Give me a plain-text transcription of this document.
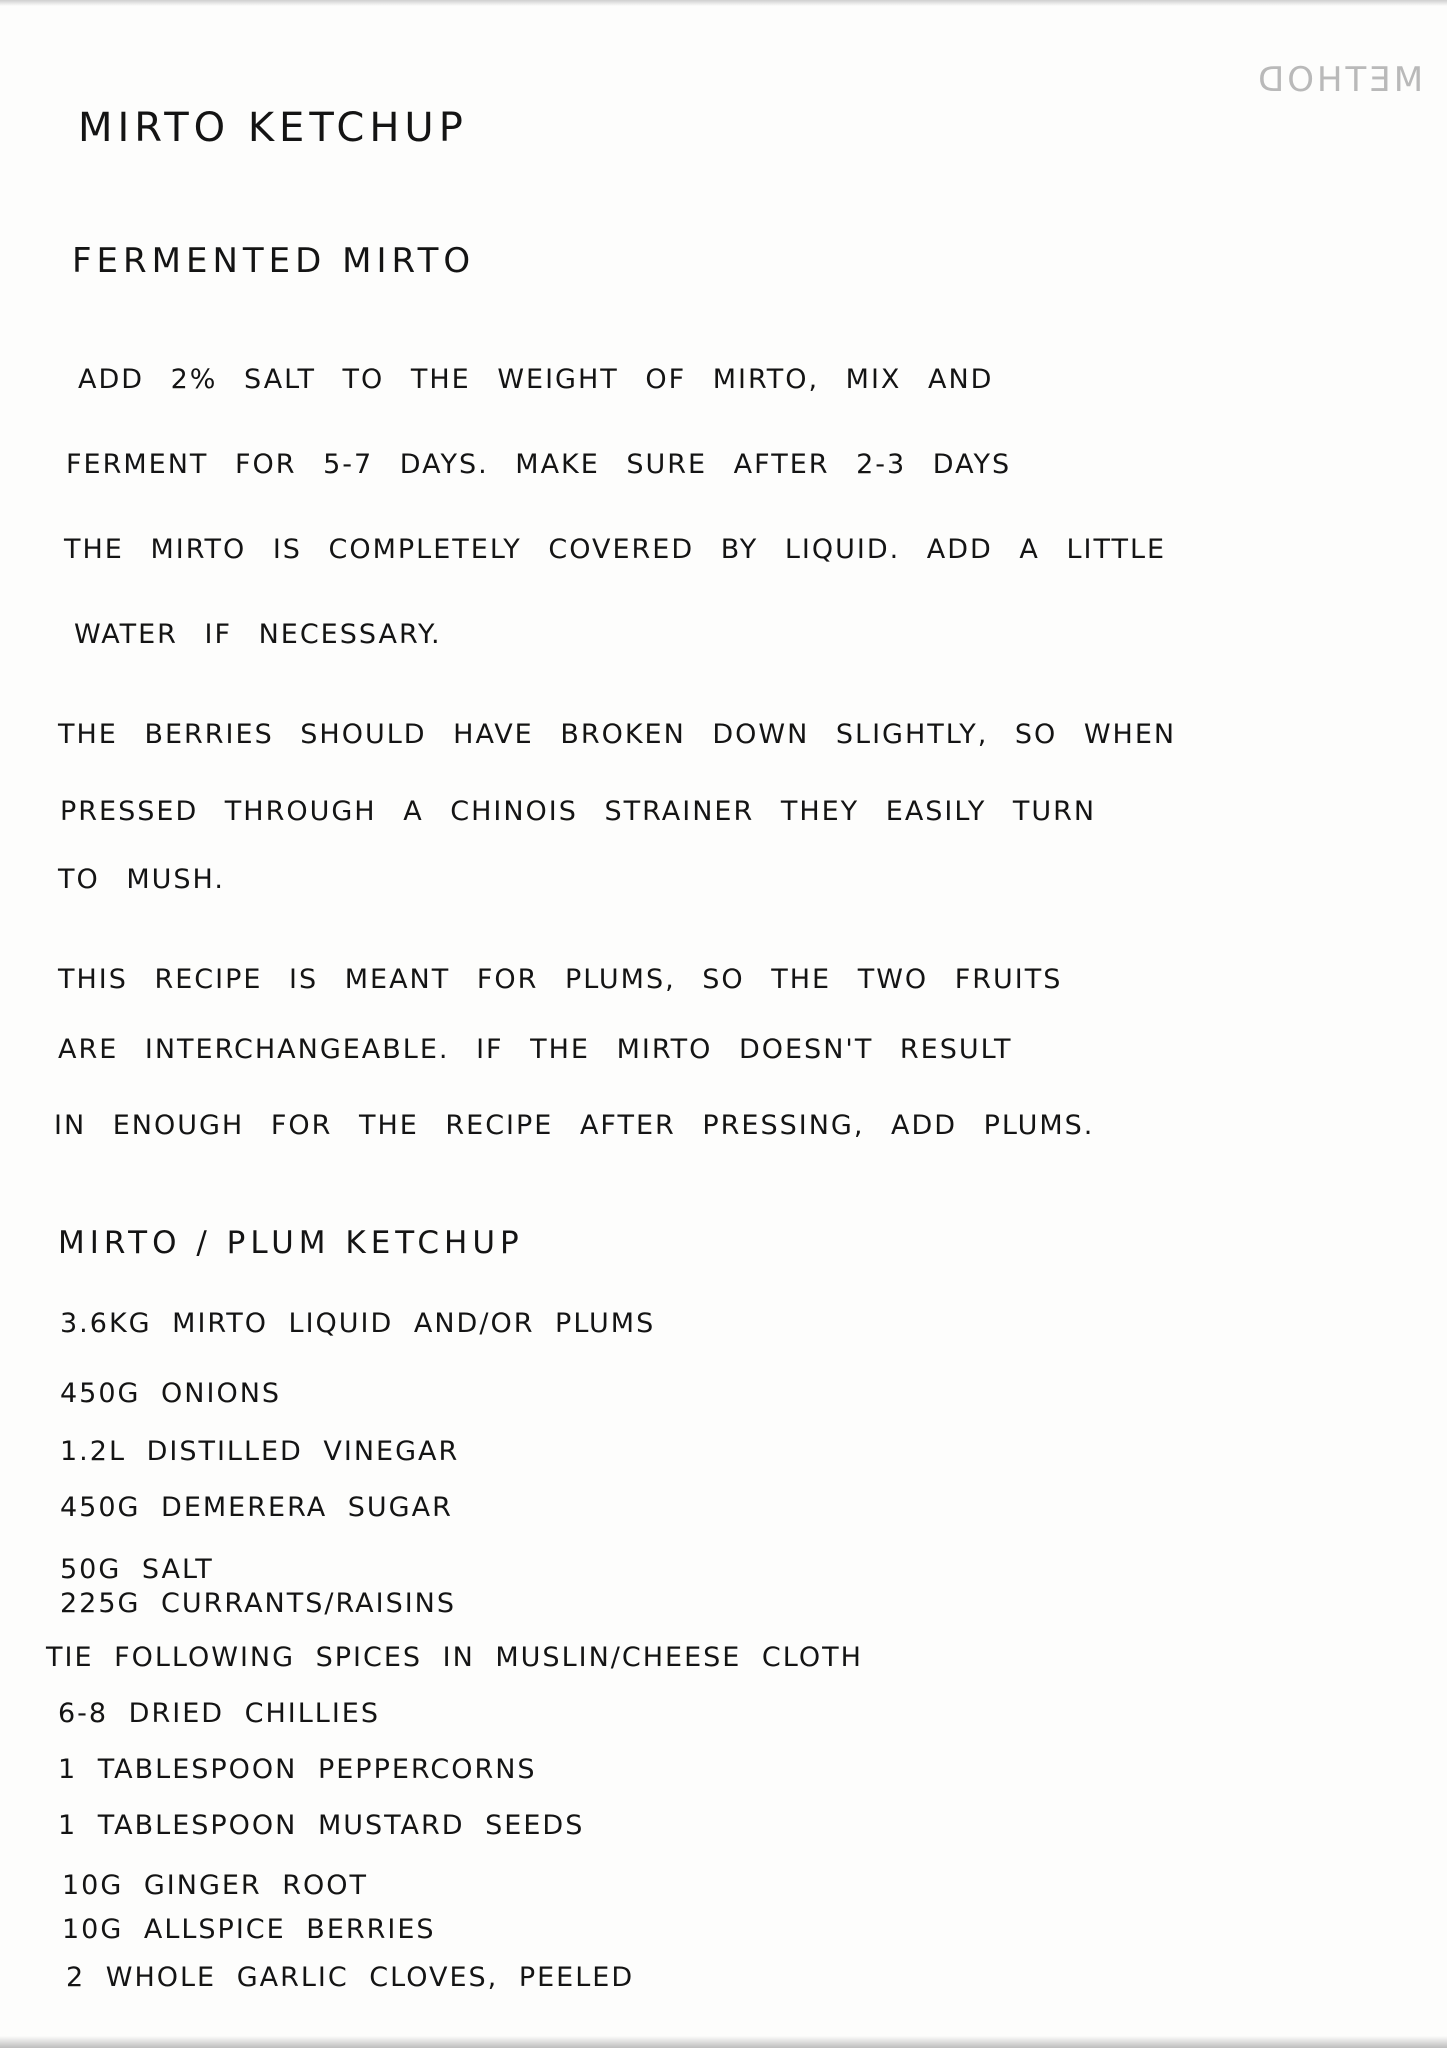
METHOD
MIRTO KETCHUP
FERMENTED MIRTO
ADD 2% SALT TO THE WEIGHT OF MIRTO, MIX AND
FERMENT FOR 5-7 DAYS. MAKE SURE AFTER 2-3 DAYS
THE MIRTO IS COMPLETELY COVERED BY LIQUID. ADD A LITTLE
WATER IF NECESSARY.
THE BERRIES SHOULD HAVE BROKEN DOWN SLIGHTLY, SO WHEN
PRESSED THROUGH A CHINOIS STRAINER THEY EASILY TURN
TO MUSH.
THIS RECIPE IS MEANT FOR PLUMS, SO THE TWO FRUITS
ARE INTERCHANGEABLE. IF THE MIRTO DOESN'T RESULT
IN ENOUGH FOR THE RECIPE AFTER PRESSING, ADD PLUMS.
MIRTO / PLUM KETCHUP
3.6KG MIRTO LIQUID AND/OR PLUMS
450G ONIONS
1.2L DISTILLED VINEGAR
450G DEMERERA SUGAR
50G SALT
225G CURRANTS/RAISINS
TIE FOLLOWING SPICES IN MUSLIN/CHEESE CLOTH
6-8 DRIED CHILLIES
1 TABLESPOON PEPPERCORNS
1 TABLESPOON MUSTARD SEEDS
10G GINGER ROOT
10G ALLSPICE BERRIES
2 WHOLE GARLIC CLOVES, PEELED
